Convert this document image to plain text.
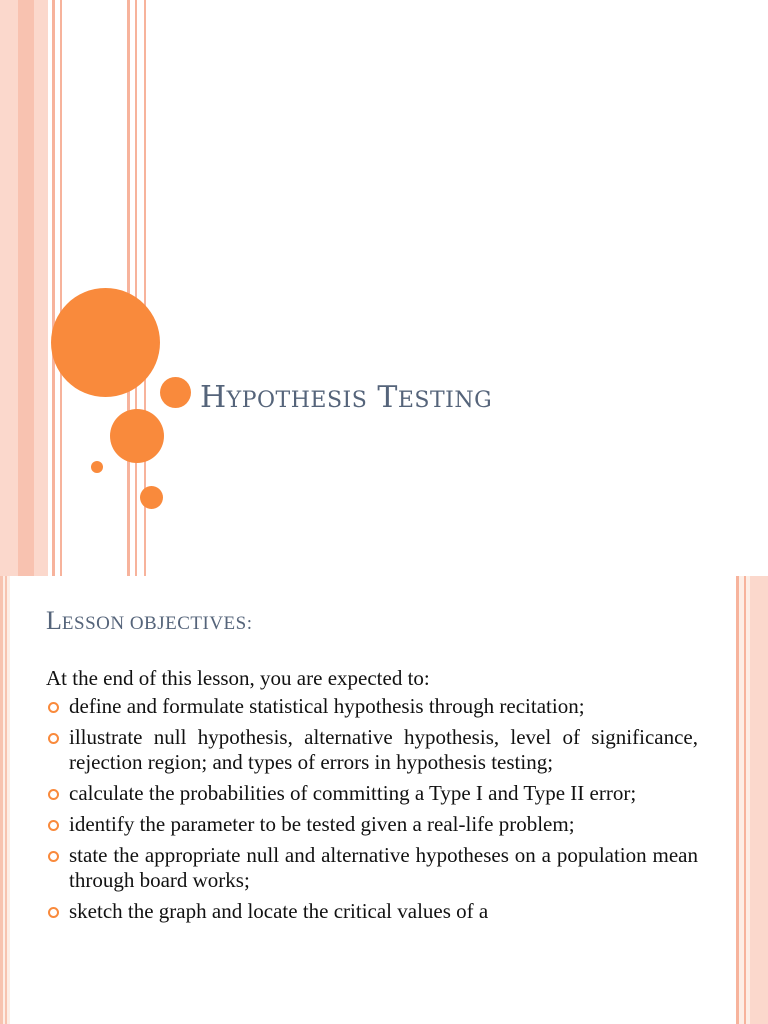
HYPOTHESIS TESTING
LESSON OBJECTIVES:
At the end of this lesson, you are expected to:
define and formulate statistical hypothesis through recitation;
illustrate null hypothesis, alternative hypothesis, level of significance, rejection region; and types of errors in hypothesis testing;
calculate the probabilities of committing a Type I and Type II error;
identify the parameter to be tested given a real-life problem;
state the appropriate null and alternative hypotheses on a population mean through board works;
sketch the graph and locate the critical values of a
